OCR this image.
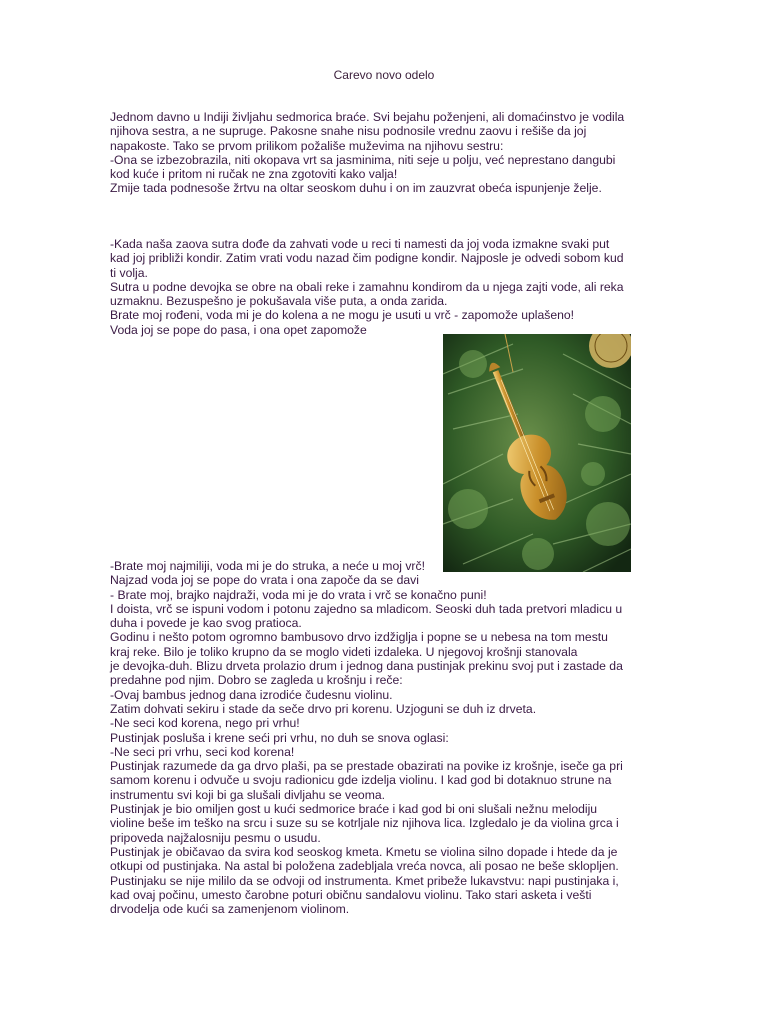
Carevo novo odelo
Jednom davno u Indiji življahu sedmorica braće. Svi bejahu poženjeni, ali domaćinstvo je vodila
njihova sestra, a ne supruge. Pakosne snahe nisu podnosile vrednu zaovu i rešiše da joj
napakoste. Tako se prvom prilikom požališe muževima na njihovu sestru:
-Ona se izbezobrazila, niti okopava vrt sa jasminima, niti seje u polju, već neprestano dangubi
kod kuće i pritom ni ručak ne zna zgotoviti kako valja!
Zmije tada podnesoše žrtvu na oltar seoskom duhu i on im zauzvrat obeća ispunjenje želje.
-Kada naša zaova sutra dođe da zahvati vode u reci ti namesti da joj voda izmakne svaki put
kad joj približi kondir. Zatim vrati vodu nazad čim podigne kondir. Najposle je odvedi sobom kud
ti volja.
Sutra u podne devojka se obre na obali reke i zamahnu kondirom da u njega zajti vode, ali reka
uzmaknu. Bezuspešno je pokušavala više puta, a onda zarida.
Brate moj rođeni, voda mi je do kolena a ne mogu je usuti u vrč - zapomože uplašeno!
Voda joj se pope do pasa, i ona opet zapomože
-Brate moj najmiliji, voda mi je do struka, a neće u moj vrč!
Najzad voda joj se pope do vrata i ona započe da se davi
- Brate moj, brajko najdraži, voda mi je do vrata i vrč se konačno puni!
I doista, vrč se ispuni vodom i potonu zajedno sa mladicom. Seoski duh tada pretvori mladicu u
duha i povede je kao svog pratioca.
Godinu i nešto potom ogromno bambusovo drvo izdžiglja i popne se u nebesa na tom mestu
kraj reke. Bilo je toliko krupno da se moglo videti izdaleka. U njegovoj krošnji stanovala
je devojka-duh. Blizu drveta prolazio drum i jednog dana pustinjak prekinu svoj put i zastade da
predahne pod njim. Dobro se zagleda u krošnju i reče:
-Ovaj bambus jednog dana izrodiće čudesnu violinu.
Zatim dohvati sekiru i stade da seče drvo pri korenu. Uzjoguni se duh iz drveta.
-Ne seci kod korena, nego pri vrhu!
Pustinjak posluša i krene seći pri vrhu, no duh se snova oglasi:
-Ne seci pri vrhu, seci kod korena!
Pustinjak razumede da ga drvo plaši, pa se prestade obazirati na povike iz krošnje, iseče ga pri
samom korenu i odvuče u svoju radionicu gde izdelja violinu. I kad god bi dotaknuo strune na
instrumentu svi koji bi ga slušali divljahu se veoma.
Pustinjak je bio omiljen gost u kući sedmorice braće i kad god bi oni slušali nežnu melodiju
violine beše im teško na srcu i suze su se kotrljale niz njihova lica. Izgledalo je da violina grca i
pripoveda najžalosniju pesmu o usudu.
Pustinjak je običavao da svira kod seoskog kmeta. Kmetu se violina silno dopade i htede da je
otkupi od pustinjaka. Na astal bi položena zadebljala vreća novca, ali posao ne beše sklopljen.
Pustinjaku se nije mililo da se odvoji od instrumenta. Kmet pribeže lukavstvu: napi pustinjaka i,
kad ovaj počinu, umesto čarobne poturi običnu sandalovu violinu. Tako stari asketa i vešti
drvodelja ode kući sa zamenjenom violinom.
